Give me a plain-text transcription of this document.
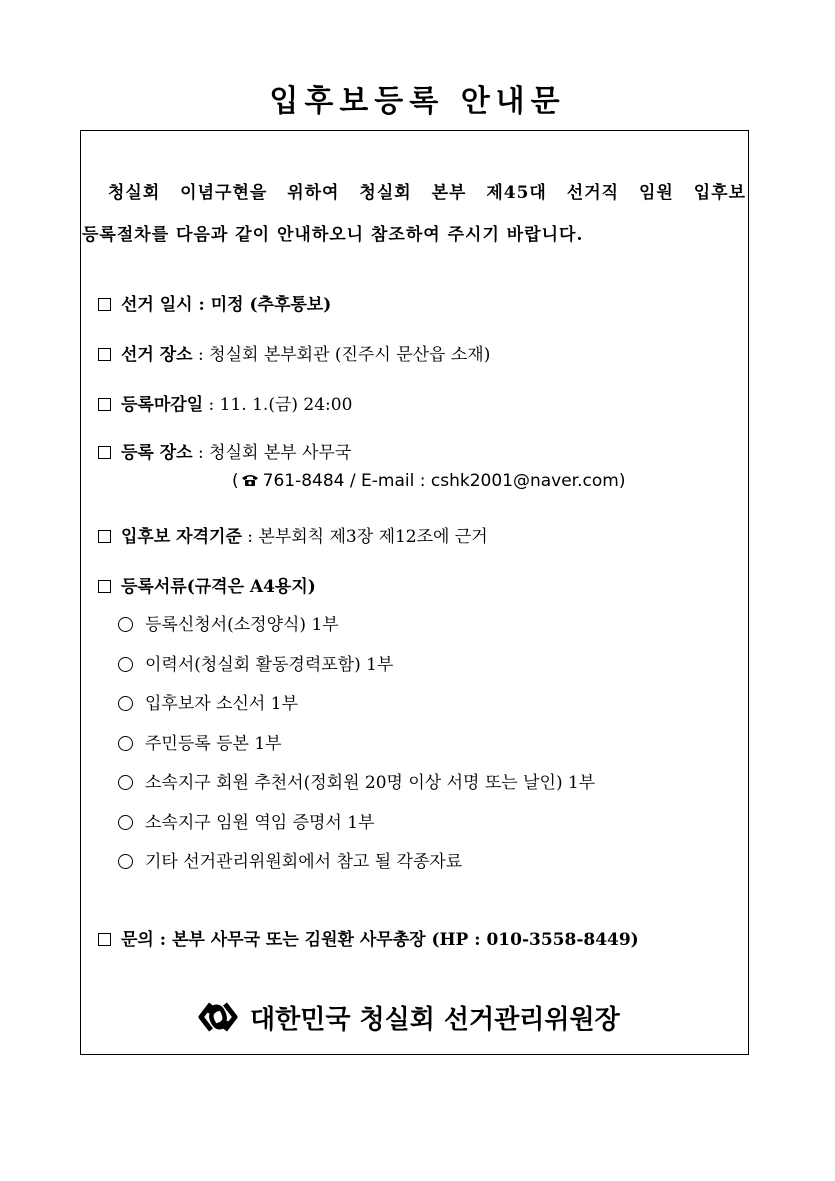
입후보등록 안내문
청실회 이념구현을 위하여 청실회 본부 제45대 선거직 임원 입후보
등록절차를 다음과 같이 안내하오니 참조하여 주시기 바랍니다.
선거 일시 : 미정 (추후통보)
선거 장소 : 청실회 본부회관 (진주시 문산읍 소재)
등록마감일 : 11. 1.(금) 24:00
등록 장소 : 청실회 본부 사무국
( 761-8484 / E-mail : cshk2001@naver.com)
입후보 자격기준 : 본부회칙 제3장 제12조에 근거
등록서류(규격은 A4용지)
등록신청서(소정양식) 1부
이력서(청실회 활동경력포함) 1부
입후보자 소신서 1부
주민등록 등본 1부
소속지구 회원 추천서(정회원 20명 이상 서명 또는 날인) 1부
소속지구 임원 역임 증명서 1부
기타 선거관리위원회에서 참고 될 각종자료
문의 : 본부 사무국 또는 김원환 사무총장 (HP : 010-3558-8449)
대한민국 청실회 선거관리위원장
